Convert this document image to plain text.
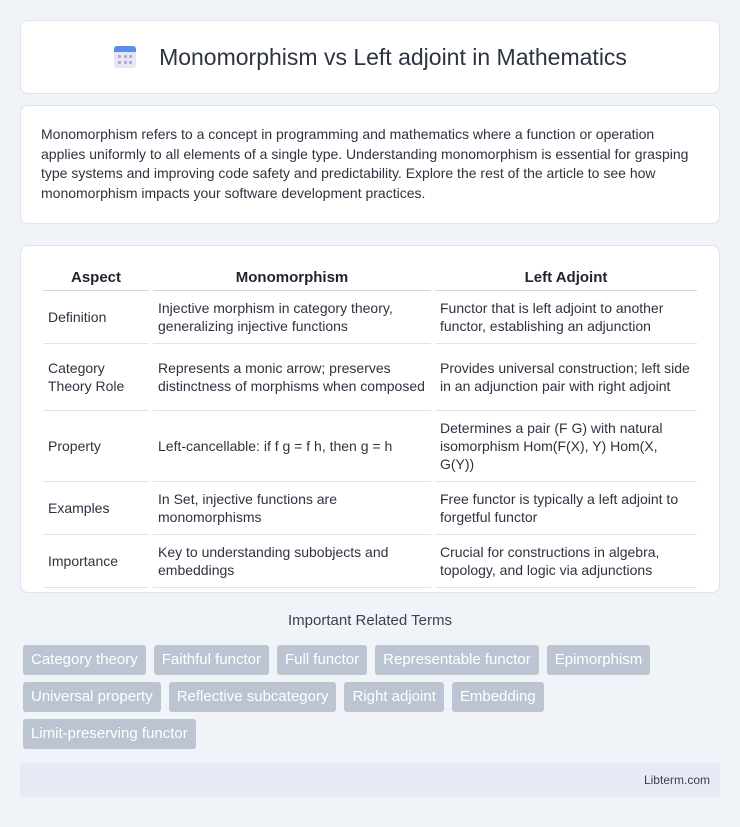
Monomorphism vs Left adjoint in Mathematics
Monomorphism refers to a concept in programming and mathematics where a function or operation applies uniformly to all elements of a single type. Understanding monomorphism is essential for grasping type systems and improving code safety and predictability. Explore the rest of the article to see how monomorphism impacts your software development practices.
Aspect	Monomorphism	Left Adjoint
Definition	Injective morphism in category theory, generalizing injective functions	Functor that is left adjoint to another functor, establishing an adjunction
Category Theory Role	Represents a monic arrow; preserves distinctness of morphisms when composed	Provides universal construction; left side in an adjunction pair with right adjoint
Property	Left-cancellable: if f g = f h, then g = h	Determines a pair (F G) with natural isomorphism Hom(F(X), Y) Hom(X, G(Y))
Examples	In Set, injective functions are monomorphisms	Free functor is typically a left adjoint to forgetful functor
Importance	Key to understanding subobjects and embeddings	Crucial for constructions in algebra, topology, and logic via adjunctions
Important Related Terms
Category theory	Faithful functor	Full functor	Representable functor	Epimorphism
Universal property	Reflective subcategory	Right adjoint	Embedding
Limit-preserving functor
Libterm.com
